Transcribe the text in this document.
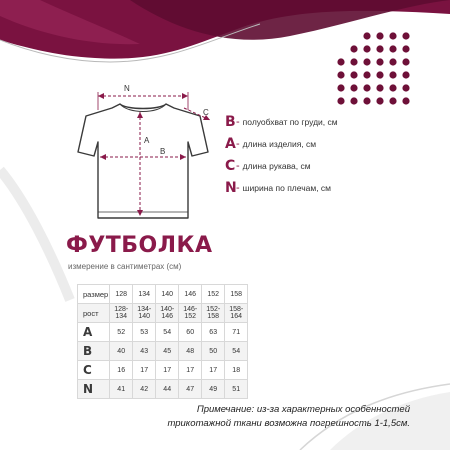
N
B
A
C
B - полуобхват по груди, см
A - длина изделия, см
C - длина рукава, см
N - ширина по плечам, см
ФУТБОЛКА
измерение в сантиметрах (см)
размер	128	134	140	146	152	158
рост	128-134	134-140	140-146	146-152	152-158	158-164
A	52	53	54	60	63	71
B	40	43	45	48	50	54
C	16	17	17	17	17	18
N	41	42	44	47	49	51
Примечание: из-за характерных особенностей
трикотажной ткани возможна погрешность 1-1,5см.
